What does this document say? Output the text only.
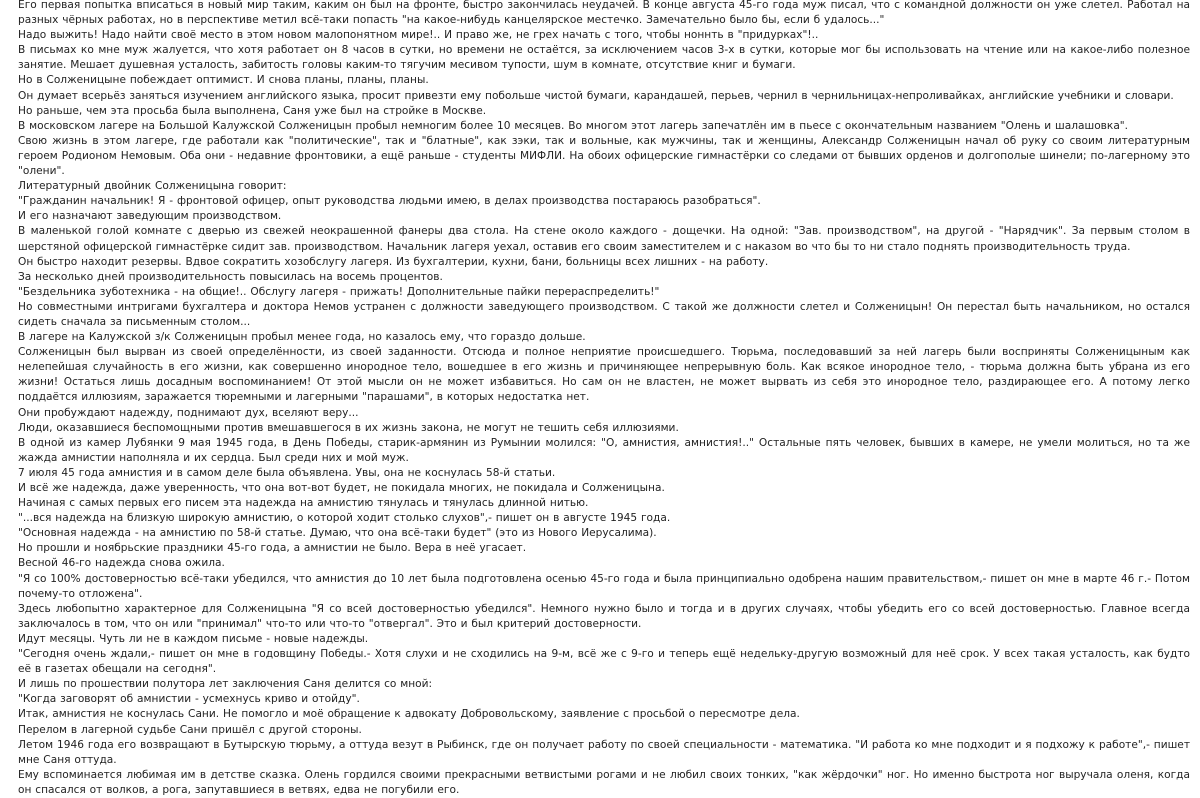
Его первая попытка вписаться в новый мир таким, каким он был на фронте, быстро закончилась неудачей. В конце августа 45-го года муж писал, что с командной должности он уже слетел. Работал на разных чёрных работах, но в перспективе метил всё-таки попасть "на какое-нибудь канцелярское местечко. Замечательно было бы, если б удалось..."

Надо выжить! Надо найти своё место в этом новом малопонятном мире!.. И право же, не грех начать с того, чтобы ноннть в "придурках"!..

В письмах ко мне муж жалуется, что хотя работает он 8 часов в сутки, но времени не остаётся, за исключением часов 3-х в сутки, которые мог бы использовать на чтение или на какое-либо полезное занятие. Мешает душевная усталость, забитость головы каким-то тягучим месивом тупости, шум в комнате, отсутствие книг и бумаги.

Но в Солженицыне побеждает оптимист. И снова планы, планы, планы.

Он думает всерьёз заняться изучением английского языка, просит привезти ему побольше чистой бумаги, карандашей, перьев, чернил в чернильницах-непроливайках, английские учебники и словари.

Но раньше, чем эта просьба была выполнена, Саня уже был на стройке в Москве.

В московском лагере на Большой Калужской Солженицын пробыл немногим более 10 месяцев. Во многом этот лагерь запечатлён им в пьесе с окончательным названием "Олень и шалашовка".

Свою жизнь в этом лагере, где работали как "политические", так и "блатные", как зэки, так и вольные, как мужчины, так и женщины, Александр Солженицын начал об руку со своим литературным героем Родионом Немовым. Оба они - недавние фронтовики, а ещё раньше - студенты МИФЛИ. На обоих офицерские гимнастёрки со следами от бывших орденов и долгополые шинели; по-лагерному это "олени".

Литературный двойник Солженицына говорит:

"Гражданин начальник! Я - фронтовой офицер, опыт руководства людьми имею, в делах производства постараюсь разобраться".

И его назначают заведующим производством.

В маленькой голой комнате с дверью из свежей неокрашенной фанеры два стола. На стене около каждого - дощечки. На одной: "Зав. производством", на другой - "Нарядчик". За первым столом в шерстяной офицерской гимнастёрке сидит зав. производством. Начальник лагеря уехал, оставив его своим заместителем и с наказом во что бы то ни стало поднять производительность труда.

Он быстро находит резервы. Вдвое сократить хозобслугу лагеря. Из бухгалтерии, кухни, бани, больницы всех лишних - на работу.

За несколько дней производительность повысилась на восемь процентов.

"Бездельника зуботехника - на общие!.. Обслугу лагеря - прижать! Дополнительные пайки перераспределить!"

Но совместными интригами бухгалтера и доктора Немов устранен с должности заведующего производством. С такой же должности слетел и Солженицын! Он перестал быть начальником, но остался сидеть сначала за письменным столом...

В лагере на Калужской з/к Солженицын пробыл менее года, но казалось ему, что гораздо дольше.

Солженицын был вырван из своей определённости, из своей заданности. Отсюда и полное неприятие происшедшего. Тюрьма, последовавший за ней лагерь были восприняты Солженицыным как нелепейшая случайность в его жизни, как совершенно инородное тело, вошедшее в его жизнь и причиняющее непрерывную боль. Как всякое инородное тело, - тюрьма должна быть убрана из его жизни! Остаться лишь досадным воспоминанием! От этой мысли он не может избавиться. Но сам он не властен, не может вырвать из себя это инородное тело, раздирающее его. А потому легко поддаётся иллюзиям, заражается тюремными и лагерными "парашами", в которых недостатка нет.

Они пробуждают надежду, поднимают дух, вселяют веру...

Люди, оказавшиеся беспомощными против вмешавшегося в их жизнь закона, не могут не тешить себя иллюзиями.

В одной из камер Лубянки 9 мая 1945 года, в День Победы, старик-армянин из Румынии молился: "О, амнистия, амнистия!.." Остальные пять человек, бывших в камере, не умели молиться, но та же жажда амнистии наполняла и их сердца. Был среди них и мой муж.

7 июля 45 года амнистия и в самом деле была объявлена. Увы, она не коснулась 58-й статьи.

И всё же надежда, даже уверенность, что она вот-вот будет, не покидала многих, не покидала и Солженицына.

Начиная с самых первых его писем эта надежда на амнистию тянулась и тянулась длинной нитью.

"...вся надежда на близкую широкую амнистию, о которой ходит столько слухов",- пишет он в августе 1945 года.

"Основная надежда - на амнистию по 58-й статье. Думаю, что она всё-таки будет" (это из Нового Иерусалима).

Но прошли и ноябрьские праздники 45-го года, а амнистии не было. Вера в неё угасает.

Весной 46-го надежда снова ожила.

"Я со 100% достоверностью всё-таки убедился, что амнистия до 10 лет была подготовлена осенью 45-го года и была принципиально одобрена нашим правительством,- пишет он мне в марте 46 г.- Потом почему-то отложена".

Здесь любопытно характерное для Солженицына "Я со всей достоверностью убедился". Немного нужно было и тогда и в других случаях, чтобы убедить его со всей достоверностью. Главное всегда заключалось в том, что он или "принимал" что-то или что-то "отвергал". Это и был критерий достоверности.

Идут месяцы. Чуть ли не в каждом письме - новые надежды.

"Сегодня очень ждали,- пишет он мне в годовщину Победы.- Хотя слухи и не сходились на 9-м, всё же с 9-го и теперь ещё недельку-другую возможный для неё срок. У всех такая усталость, как будто её в газетах обещали на сегодня".

И лишь по прошествии полутора лет заключения Саня делится со мной:

"Когда заговорят об амнистии - усмехнусь криво и отойду".

Итак, амнистия не коснулась Сани. Не помогло и моё обращение к адвокату Добровольскому, заявление с просьбой о пересмотре дела.

Перелом в лагерной судьбе Сани пришёл с другой стороны.

Летом 1946 года его возвращают в Бутырскую тюрьму, а оттуда везут в Рыбинск, где он получает работу по своей специальности - математика. "И работа ко мне подходит и я подхожу к работе",- пишет мне Саня оттуда.

Ему вспоминается любимая им в детстве сказка. Олень гордился своими прекрасными ветвистыми рогами и не любил своих тонких, "как жёрдочки" ног. Но именно быстрота ног выручала оленя, когда он спасался от волков, а рога, запутавшиеся в ветвях, едва не погубили его.
